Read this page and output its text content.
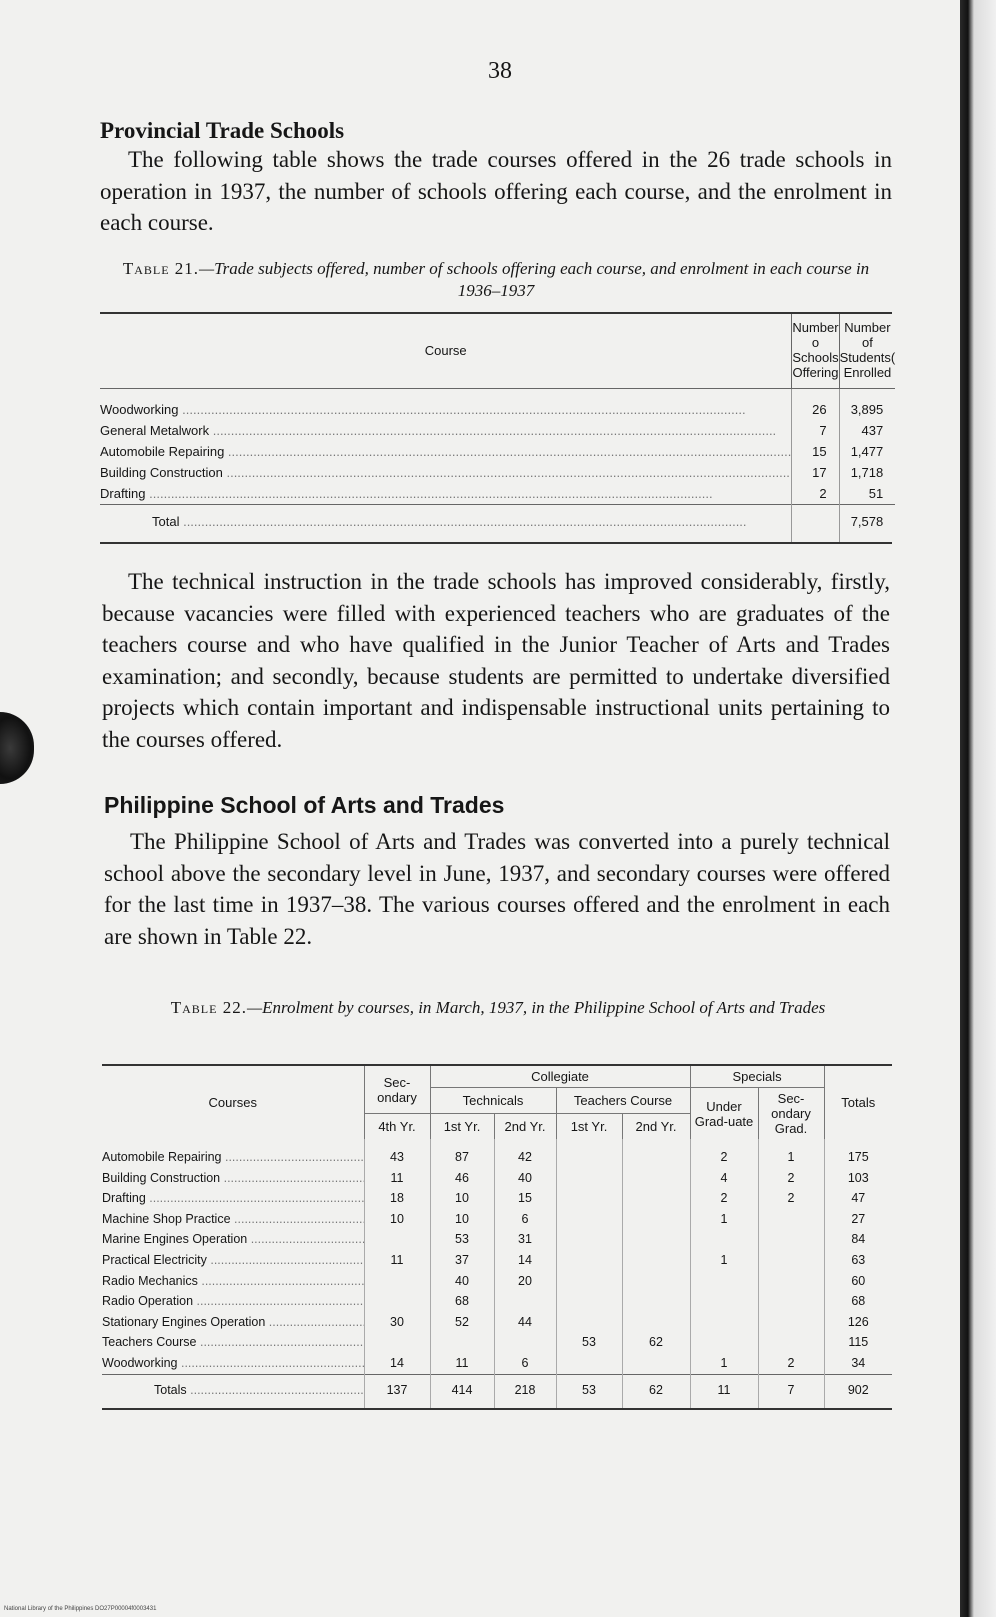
38
Provincial Trade Schools
The following table shows the trade courses offered in the 26 trade schools in operation in 1937, the number of schools offering each course, and the enrolment in each course.
Table 21.—Trade subjects offered, number of schools offering each course, and enrolment in each course in 1936–1937
Course	Number o Schools Offering	Number of Students( Enrolled
Woodworking .....	26	3,895
General Metalwork .....	7	437
Automobile Repairing .....	15	1,477
Building Construction .....	17	1,718
Drafting .....	2	51
Total .....		7,578
The technical instruction in the trade schools has improved considerably, firstly, because vacancies were filled with experienced teachers who are graduates of the teachers course and who have qualified in the Junior Teacher of Arts and Trades examination; and secondly, because students are permitted to undertake diversified projects which contain important and indispensable instructional units pertaining to the courses offered.
Philippine School of Arts and Trades
The Philippine School of Arts and Trades was converted into a purely technical school above the secondary level in June, 1937, and secondary courses were offered for the last time in 1937–38. The various courses offered and the enrolment in each are shown in Table 22.
Table 22.—Enrolment by courses, in March, 1937, in the Philippine School of Arts and Trades
Courses	Sec-ondary	Collegiate				Specials		Totals
		Technicals		Teachers Course		Under Grad-uate	Sec-ondary Grad.	
	4th Yr.	1st Yr.	2nd Yr.	1st Yr.	2nd Yr.			
Automobile Repairing .....	43	87	42			2	1	175
Building Construction .....	11	46	40			4	2	103
Drafting .....	18	10	15			2	2	47
Machine Shop Practice .....	10	10	6			1		27
Marine Engines Operation .....		53	31					84
Practical Electricity .....	11	37	14			1		63
Radio Mechanics .....		40	20					60
Radio Operation .....		68						68
Stationary Engines Operation .....	30	52	44					126
Teachers Course .....				53	62			115
Woodworking .....	14	11	6			1	2	34
Totals .....	137	414	218	53	62	11	7	902
National Library of the Philippines DO27P00004f0003431
